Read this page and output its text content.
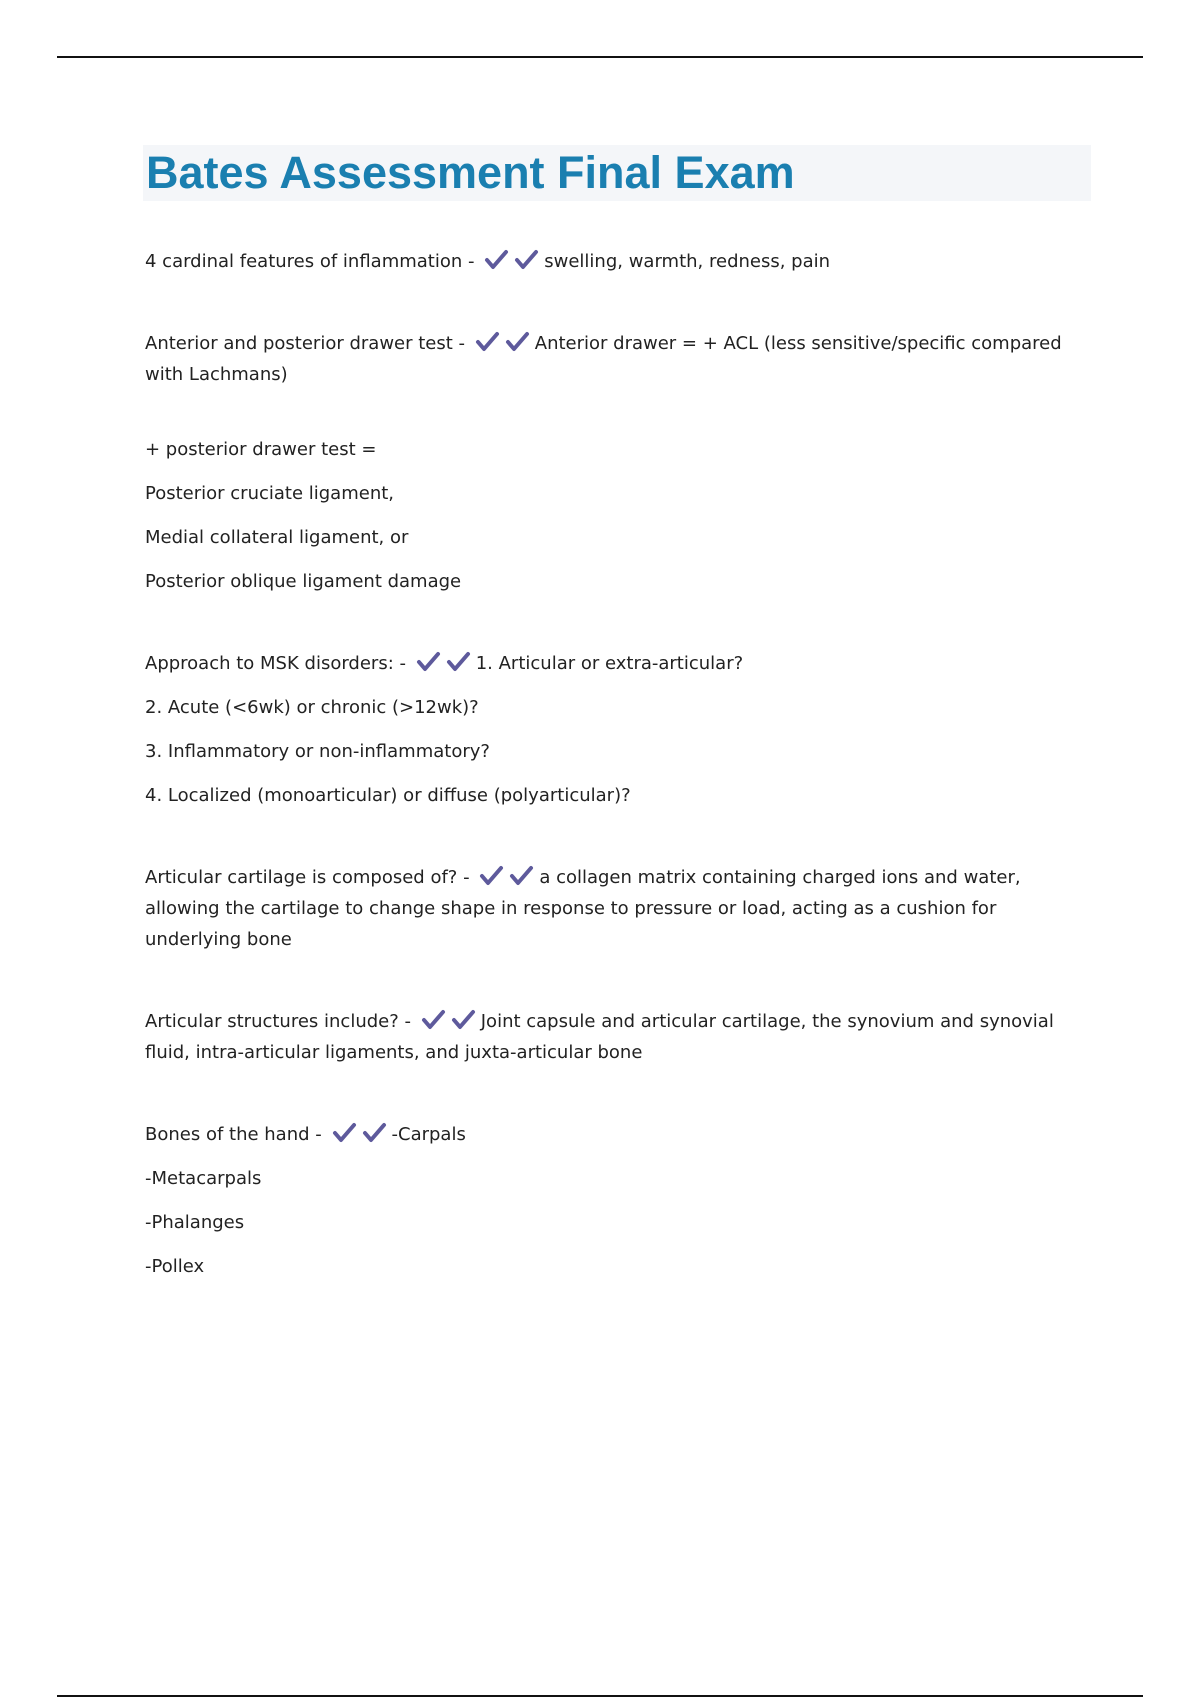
Bates Assessment Final Exam

4 cardinal features of inflammation -	swelling, warmth, redness, pain

Anterior and posterior drawer test -	Anterior drawer = + ACL (less sensitive/specific compared with Lachmans)

+ posterior drawer test =

Posterior cruciate ligament,

Medial collateral ligament, or

Posterior oblique ligament damage

Approach to MSK disorders: -	1. Articular or extra-articular?

2. Acute (<6wk) or chronic (>12wk)?

3. Inflammatory or non-inflammatory?

4. Localized (monoarticular) or diffuse (polyarticular)?

Articular cartilage is composed of? -	a collagen matrix containing charged ions and water, allowing the cartilage to change shape in response to pressure or load, acting as a cushion for underlying bone

Articular structures include? -	Joint capsule and articular cartilage, the synovium and synovial fluid, intra-articular ligaments, and juxta-articular bone

Bones of the hand -	-Carpals

-Metacarpals

-Phalanges

-Pollex
